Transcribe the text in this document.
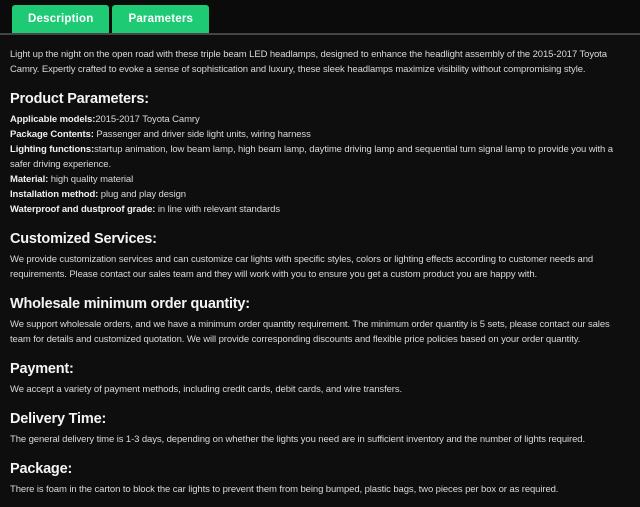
Description	Parameters

Light up the night on the open road with these triple beam LED headlamps, designed to enhance the headlight assembly of the 2015-2017 Toyota Camry. Expertly crafted to evoke a sense of sophistication and luxury, these sleek headlamps maximize visibility without compromising style.

Product Parameters:
Applicable models:2015-2017 Toyota Camry
Package Contents: Passenger and driver side light units, wiring harness
Lighting functions:startup animation, low beam lamp, high beam lamp, daytime driving lamp and sequential turn signal lamp to provide you with a safer driving experience.
Material: high quality material
Installation method: plug and play design
Waterproof and dustproof grade: in line with relevant standards
Customized Services:

We provide customization services and can customize car lights with specific styles, colors or lighting effects according to customer needs and requirements. Please contact our sales team and they will work with you to ensure you get a custom product you are happy with.

Wholesale minimum order quantity:

We support wholesale orders, and we have a minimum order quantity requirement. The minimum order quantity is 5 sets, please contact our sales team for details and customized quotation. We will provide corresponding discounts and flexible price policies based on your order quantity.

Payment:

We accept a variety of payment methods, including credit cards, debit cards, and wire transfers.

Delivery Time:

The general delivery time is 1-3 days, depending on whether the lights you need are in sufficient inventory and the number of lights required.

Package:

There is foam in the carton to block the car lights to prevent them from being bumped, plastic bags, two pieces per box or as required.
